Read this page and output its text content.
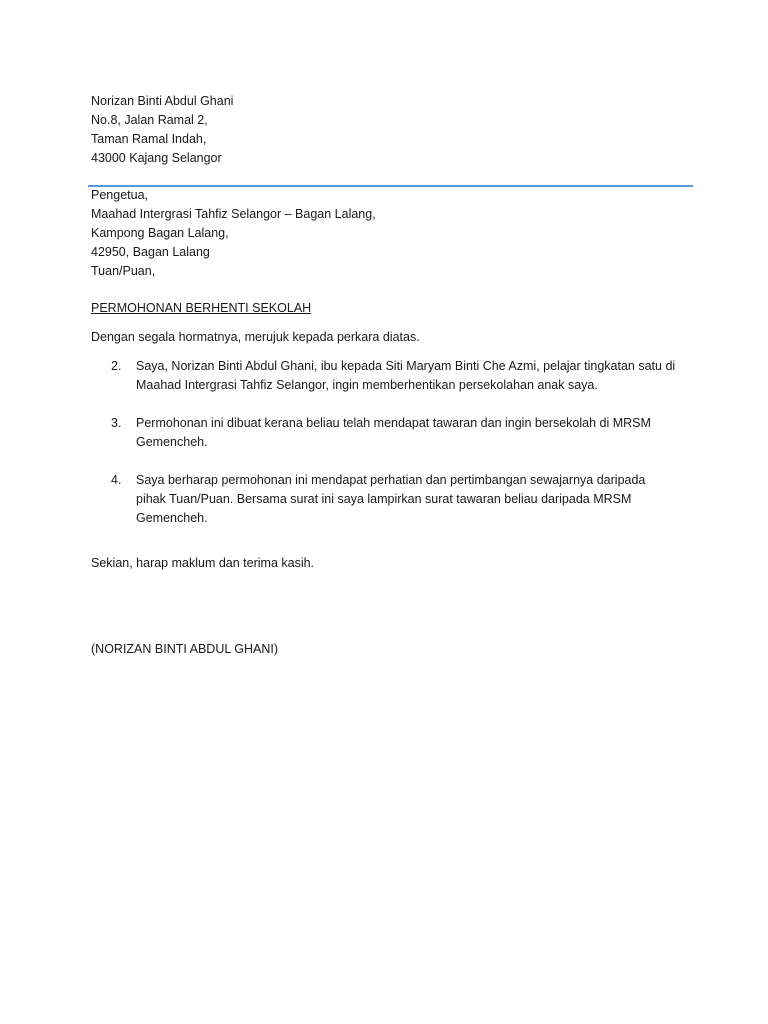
Norizan Binti Abdul Ghani
No.8, Jalan Ramal 2,
Taman Ramal Indah,
43000 Kajang Selangor
Pengetua,
Maahad Intergrasi Tahfiz Selangor – Bagan Lalang,
Kampong Bagan Lalang,
42950, Bagan Lalang
Tuan/Puan,
PERMOHONAN BERHENTI SEKOLAH
Dengan segala hormatnya, merujuk kepada perkara diatas.
2. Saya, Norizan Binti Abdul Ghani, ibu kepada Siti Maryam Binti Che Azmi, pelajar tingkatan satu di
Maahad Intergrasi Tahfiz Selangor, ingin memberhentikan persekolahan anak saya.
3. Permohonan ini dibuat kerana beliau telah mendapat tawaran dan ingin bersekolah di MRSM
Gemencheh.
4. Saya berharap permohonan ini mendapat perhatian dan pertimbangan sewajarnya daripada
pihak Tuan/Puan. Bersama surat ini saya lampirkan surat tawaran beliau daripada MRSM
Gemencheh.
Sekian, harap maklum dan terima kasih.
(NORIZAN BINTI ABDUL GHANI)
